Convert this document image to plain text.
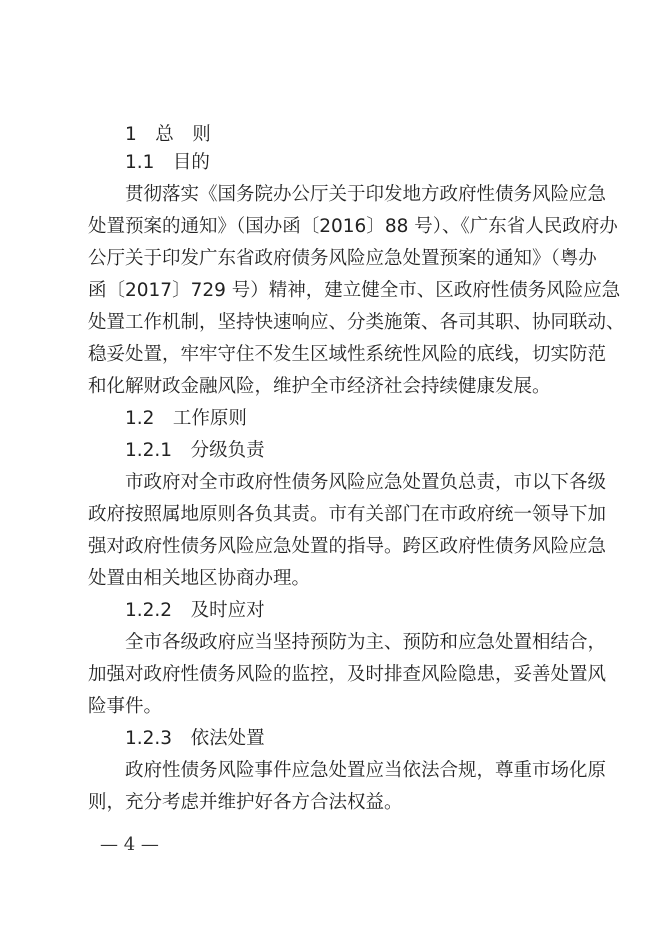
1　总　则
1.1　目的
贯彻落实《国务院办公厅关于印发地方政府性债务风险应急
处置预案的通知》（国办函〔2016〕88 号）、《广东省人民政府办
公厅关于印发广东省政府债务风险应急处置预案的通知》（粤办
函〔2017〕729 号）精神，建立健全市、区政府性债务风险应急
处置工作机制，坚持快速响应、分类施策、各司其职、协同联动、
稳妥处置，牢牢守住不发生区域性系统性风险的底线，切实防范
和化解财政金融风险，维护全市经济社会持续健康发展。
1.2　工作原则
1.2.1　分级负责
市政府对全市政府性债务风险应急处置负总责，市以下各级
政府按照属地原则各负其责。市有关部门在市政府统一领导下加
强对政府性债务风险应急处置的指导。跨区政府性债务风险应急
处置由相关地区协商办理。
1.2.2　及时应对
全市各级政府应当坚持预防为主、预防和应急处置相结合，
加强对政府性债务风险的监控，及时排查风险隐患，妥善处置风
险事件。
1.2.3　依法处置
政府性债务风险事件应急处置应当依法合规，尊重市场化原
则，充分考虑并维护好各方合法权益。
— 4 —
